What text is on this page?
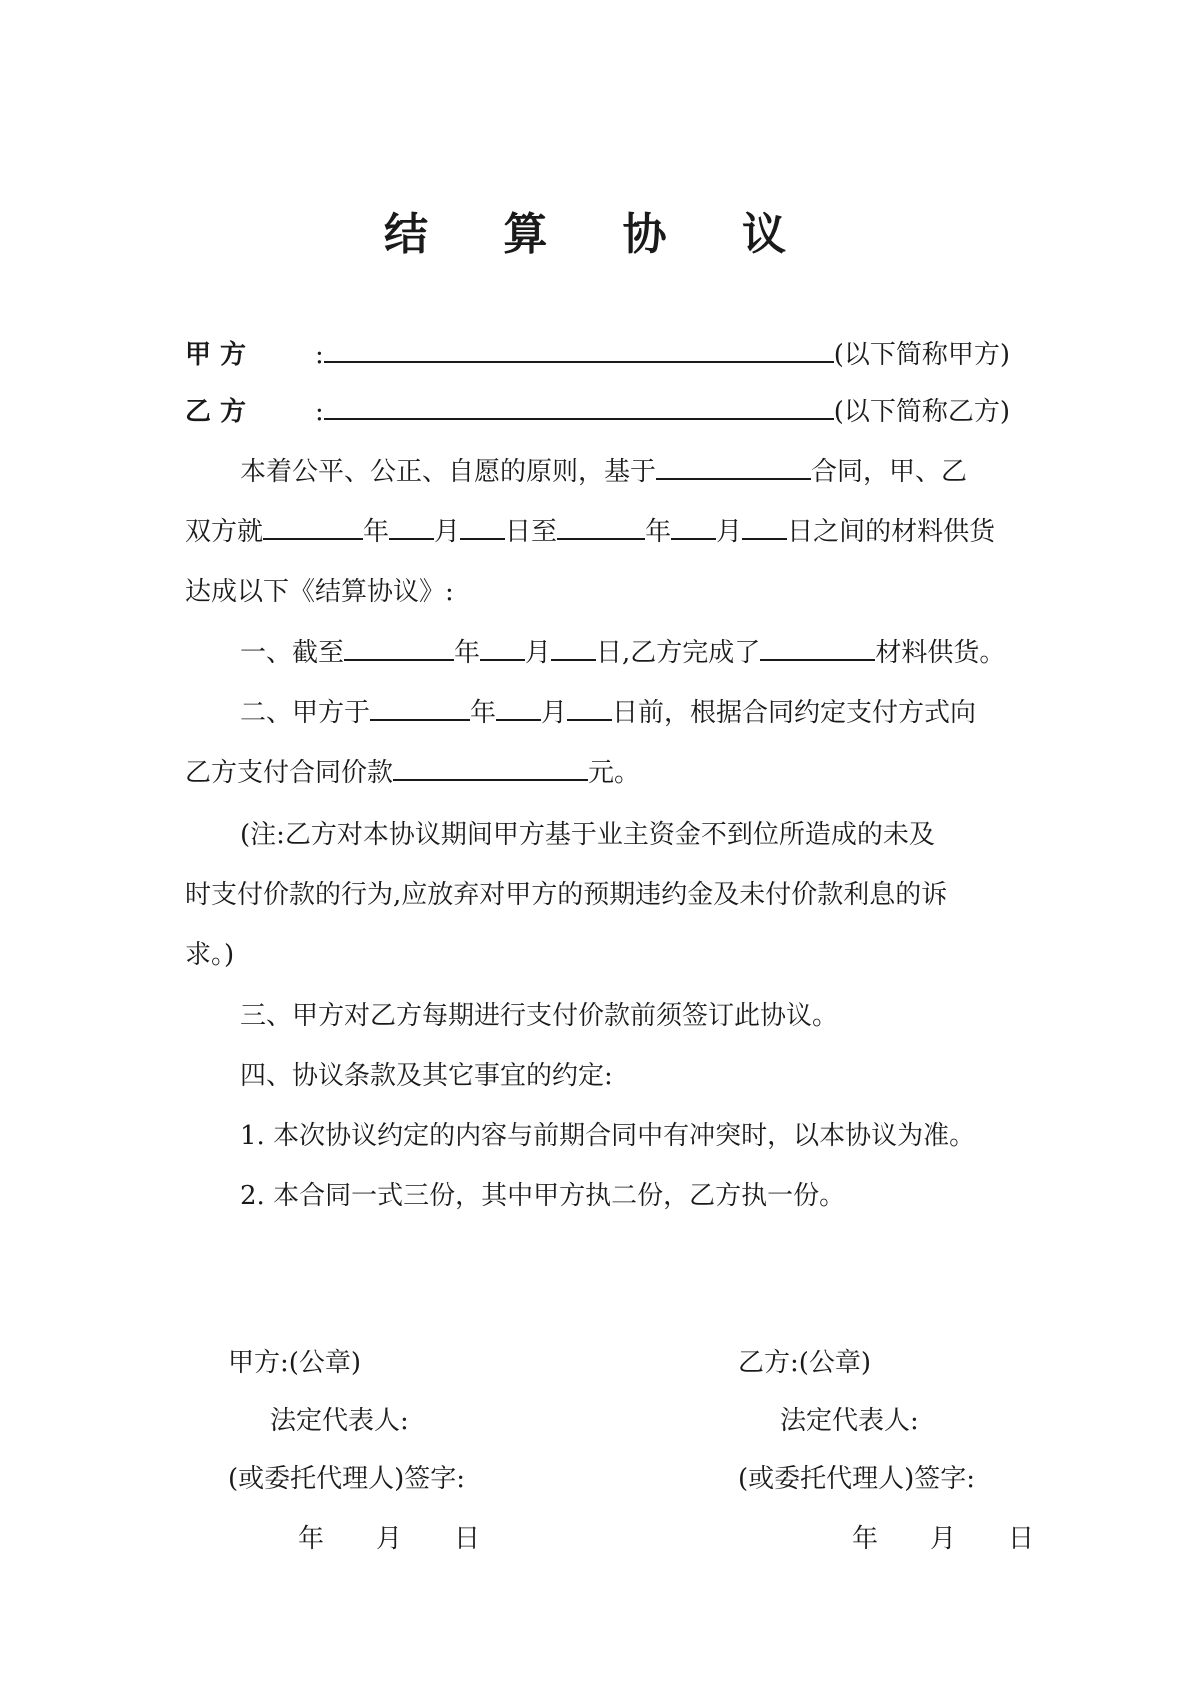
结 算 协 议
甲 方	:	(以下简称甲方)
乙 方	:	(以下简称乙方)
本着公平、公正、自愿的原则，基于	合同，甲、乙
双方就	年 月 日至	年 月 日之间的材料供货
达成以下《结算协议》:
一、截至	年 月 日,乙方完成了	材料供货。
二、甲方于	年 月 日前，根据合同约定支付方式向
乙方支付合同价款	元。
(注:乙方对本协议期间甲方基于业主资金不到位所造成的未及
时支付价款的行为,应放弃对甲方的预期违约金及未付价款利息的诉
求。)
三、甲方对乙方每期进行支付价款前须签订此协议。
四、协议条款及其它事宜的约定:
1. 本次协议约定的内容与前期合同中有冲突时，以本协议为准。
2. 本合同一式三份，其中甲方执二份，乙方执一份。
甲方:(公章)
法定代表人:
(或委托代理人)签字:
年　　月　　日
乙方:(公章)
法定代表人:
(或委托代理人)签字:
年　　月　　日
